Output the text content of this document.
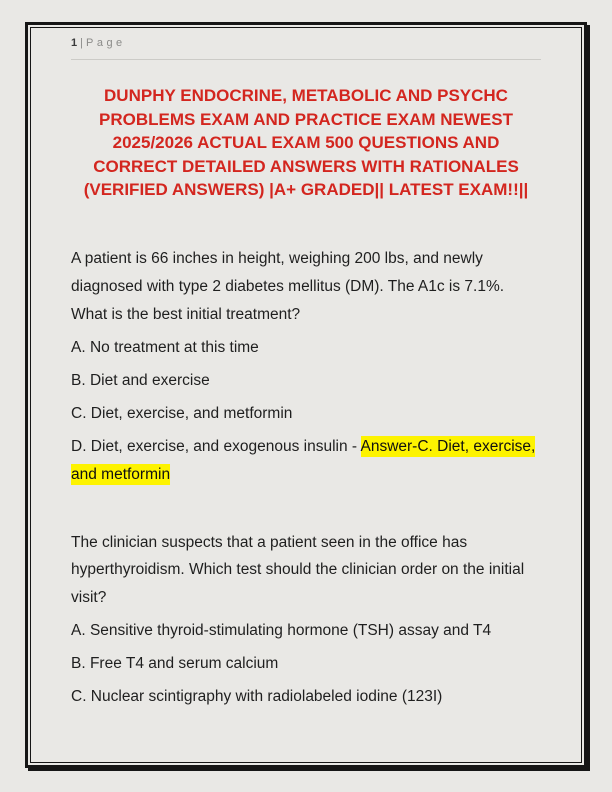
1 | Page
DUNPHY ENDOCRINE, METABOLIC AND PSYCHC PROBLEMS EXAM AND PRACTICE EXAM NEWEST 2025/2026 ACTUAL EXAM 500 QUESTIONS AND CORRECT DETAILED ANSWERS WITH RATIONALES (VERIFIED ANSWERS) |A+ GRADED|| LATEST EXAM!!||

A patient is 66 inches in height, weighing 200 lbs, and newly diagnosed with type 2 diabetes mellitus (DM). The A1c is 7.1%. What is the best initial treatment?

A. No treatment at this time

B. Diet and exercise

C. Diet, exercise, and metformin

D. Diet, exercise, and exogenous insulin - Answer-C. Diet, exercise, and metformin

The clinician suspects that a patient seen in the office has hyperthyroidism. Which test should the clinician order on the initial visit?

A. Sensitive thyroid-stimulating hormone (TSH) assay and T4

B. Free T4 and serum calcium

C. Nuclear scintigraphy with radiolabeled iodine (123I)
